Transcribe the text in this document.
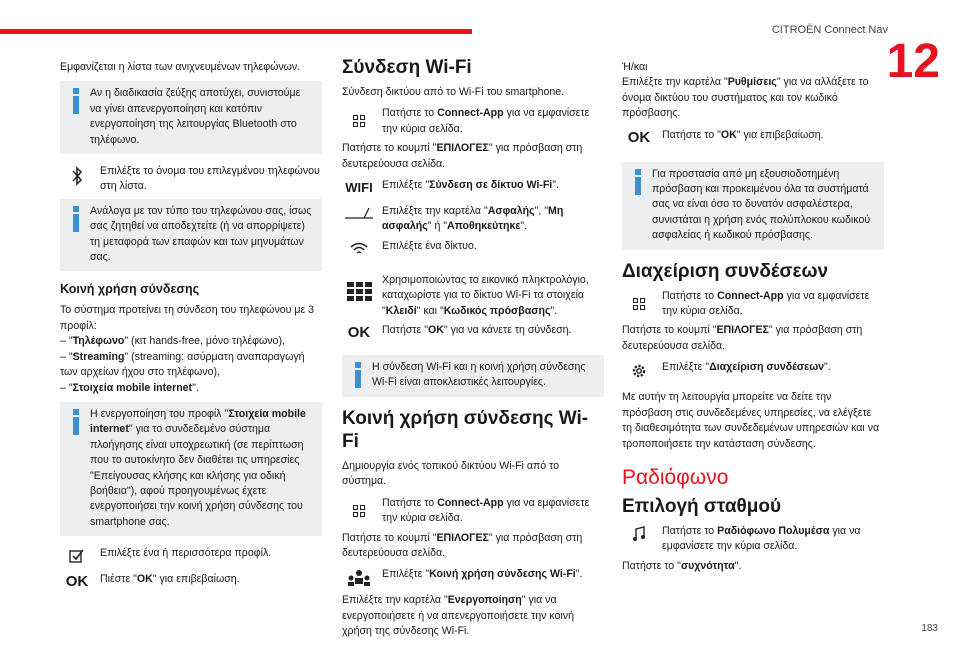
CITROËN Connect Nav
12

Εμφανίζεται η λίστα των ανιχνευμένων τηλεφώνων.

Αν η διαδικασία ζεύξης αποτύχει, συνιστούμε να γίνει απενεργοποίηση και κατόπιν ενεργοποίηση της λειτουργίας Bluetooth στο τηλέφωνο.
Επιλέξτε το όνομα του επιλεγμένου τηλεφώνου στη λίστα.
Ανάλογα με τον τύπο του τηλεφώνου σας, ίσως σας ζητηθεί να αποδεχτείτε (ή να απορρίψετε) τη μεταφορά των επαφών και των μηνυμάτων σας.
Κοινή χρήση σύνδεσης

Το σύστημα προτείνει τη σύνδεση του τηλεφώνου με 3 προφίλ:
– "Τηλέφωνο" (κιτ hands-free, μόνο τηλέφωνο),
– "Streaming" (streaming: ασύρματη αναπαραγωγή των αρχείων ήχου στο τηλέφωνο),
– "Στοιχεία mobile internet".

Η ενεργοποίηση του προφίλ "Στοιχεία mobile internet" για το συνδεδεμένο σύστημα πλοήγησης είναι υποχρεωτική (σε περίπτωση που το αυτοκίνητο δεν διαθέτει τις υπηρεσίες "Επείγουσας κλήσης και κλήσης για οδική βοήθεια"), αφού προηγουμένως έχετε ενεργοποιήσει την κοινή χρήση σύνδεσης του smartphone σας.
Επιλέξτε ένα ή περισσότερα προφίλ.
OK	Πιέστε "OK" για επιβεβαίωση.
Σύνδεση Wi-Fi

Σύνδεση δικτύου από το Wi-Fi του smartphone.

Πατήστε το Connect-App για να εμφανίσετε την κύρια σελίδα.

Πατήστε το κουμπί "ΕΠΙΛΟΓΕΣ" για πρόσβαση στη δευτερεύουσα σελίδα.

WIFI Επιλέξτε "Σύνδεση σε δίκτυο Wi-Fi".
Επιλέξτε την καρτέλα "Ασφαλής", "Μη ασφαλής" ή "Αποθηκεύτηκε".
Επιλέξτε ένα δίκτυο.
Χρησιμοποιώντας το εικονικό πληκτρολόγιο, καταχωρίστε για το δίκτυο Wi-Fi τα στοιχεία "Κλειδί" και "Κωδικός πρόσβασης".
OK	Πατήστε "OK" για να κάνετε τη σύνδεση.
Η σύνδεση Wi-Fi και η κοινή χρήση σύνδεσης Wi-Fi είναι αποκλειστικές λειτουργίες.
Κοινή χρήση σύνδεσης Wi-Fi

Δημιουργία ενός τοπικού δικτύου Wi-Fi από το σύστημα.

Πατήστε το Connect-App για να εμφανίσετε την κύρια σελίδα.

Πατήστε το κουμπί "ΕΠΙΛΟΓΕΣ" για πρόσβαση στη δευτερεύουσα σελίδα.

Επιλέξτε "Κοινή χρήση σύνδεσης Wi-Fi".

Επιλέξτε την καρτέλα "Ενεργοποίηση" για να ενεργοποιήσετε ή να απενεργοποιήσετε την κοινή χρήση της σύνδεσης Wi-Fi.

Ή/και
Επιλέξτε την καρτέλα "Ρυθμίσεις" για να αλλάξετε το όνομα δικτύου του συστήματος και τον κωδικό πρόσβασης.

OK	Πατήστε το "OK" για επιβεβαίωση.
Για προστασία από μη εξουσιοδοτημένη πρόσβαση και προκειμένου όλα τα συστήματά σας να είναι όσο το δυνατόν ασφαλέστερα, συνιστάται η χρήση ενός πολύπλοκου κωδικού ασφαλείας ή κωδικού πρόσβασης.
Διαχείριση συνδέσεων
Πατήστε το Connect-App για να εμφανίσετε την κύρια σελίδα.

Πατήστε το κουμπί "ΕΠΙΛΟΓΕΣ" για πρόσβαση στη δευτερεύουσα σελίδα.

Επιλέξτε "Διαχείριση συνδέσεων".

Με αυτήν τη λειτουργία μπορείτε να δείτε την πρόσβαση στις συνδεδεμένες υπηρεσίες, να ελέγξετε τη διαθεσιμότητα των συνδεδεμένων υπηρεσιών και να τροποποιήσετε την κατάσταση σύνδεσης.

Ραδιόφωνο
Επιλογή σταθμού
Πατήστε το Ραδιόφωνο Πολυμέσα για να εμφανίσετε την κύρια σελίδα.

Πατήστε το "συχνότητα".

183
